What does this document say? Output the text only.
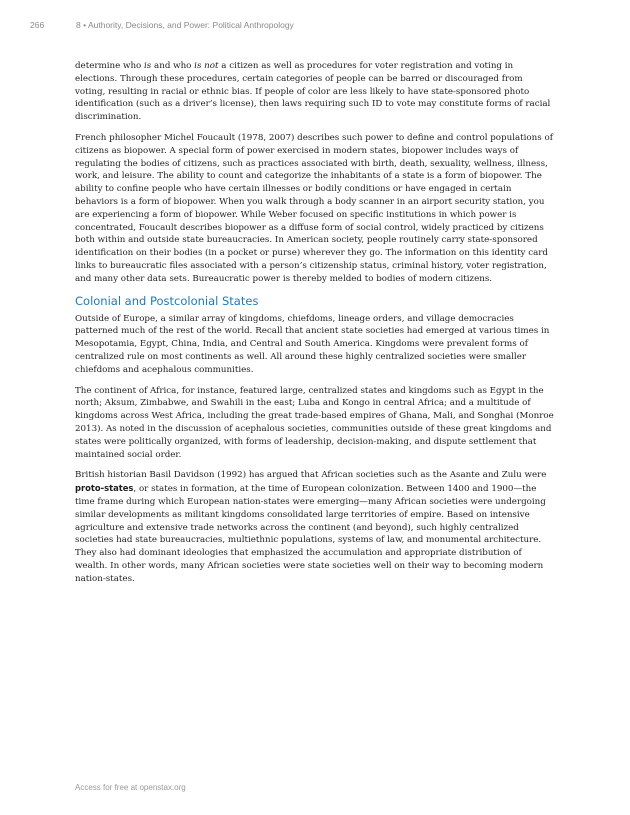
266	8 • Authority, Decisions, and Power: Political Anthropology

determine who is and who is not a citizen as well as procedures for voter registration and voting in elections. Through these procedures, certain categories of people can be barred or discouraged from voting, resulting in racial or ethnic bias. If people of color are less likely to have state-sponsored photo identification (such as a driver’s license), then laws requiring such ID to vote may constitute forms of racial discrimination.

French philosopher Michel Foucault (1978, 2007) describes such power to define and control populations of citizens as biopower. A special form of power exercised in modern states, biopower includes ways of regulating the bodies of citizens, such as practices associated with birth, death, sexuality, wellness, illness, work, and leisure. The ability to count and categorize the inhabitants of a state is a form of biopower. The ability to confine people who have certain illnesses or bodily conditions or have engaged in certain behaviors is a form of biopower. When you walk through a body scanner in an airport security station, you are experiencing a form of biopower. While Weber focused on specific institutions in which power is concentrated, Foucault describes biopower as a diffuse form of social control, widely practiced by citizens both within and outside state bureaucracies. In American society, people routinely carry state-sponsored identification on their bodies (in a pocket or purse) wherever they go. The information on this identity card links to bureaucratic files associated with a person’s citizenship status, criminal history, voter registration, and many other data sets. Bureaucratic power is thereby melded to bodies of modern citizens.

Colonial and Postcolonial States

Outside of Europe, a similar array of kingdoms, chiefdoms, lineage orders, and village democracies patterned much of the rest of the world. Recall that ancient state societies had emerged at various times in Mesopotamia, Egypt, China, India, and Central and South America. Kingdoms were prevalent forms of centralized rule on most continents as well. All around these highly centralized societies were smaller chiefdoms and acephalous communities.

The continent of Africa, for instance, featured large, centralized states and kingdoms such as Egypt in the north; Aksum, Zimbabwe, and Swahili in the east; Luba and Kongo in central Africa; and a multitude of kingdoms across West Africa, including the great trade-based empires of Ghana, Mali, and Songhai (Monroe 2013). As noted in the discussion of acephalous societies, communities outside of these great kingdoms and states were politically organized, with forms of leadership, decision-making, and dispute settlement that maintained social order.

British historian Basil Davidson (1992) has argued that African societies such as the Asante and Zulu were proto-states, or states in formation, at the time of European colonization. Between 1400 and 1900—the time frame during which European nation-states were emerging—many African societies were undergoing similar developments as militant kingdoms consolidated large territories of empire. Based on intensive agriculture and extensive trade networks across the continent (and beyond), such highly centralized societies had state bureaucracies, multiethnic populations, systems of law, and monumental architecture. They also had dominant ideologies that emphasized the accumulation and appropriate distribution of wealth. In other words, many African societies were state societies well on their way to becoming modern nation-states.

Access for free at openstax.org
